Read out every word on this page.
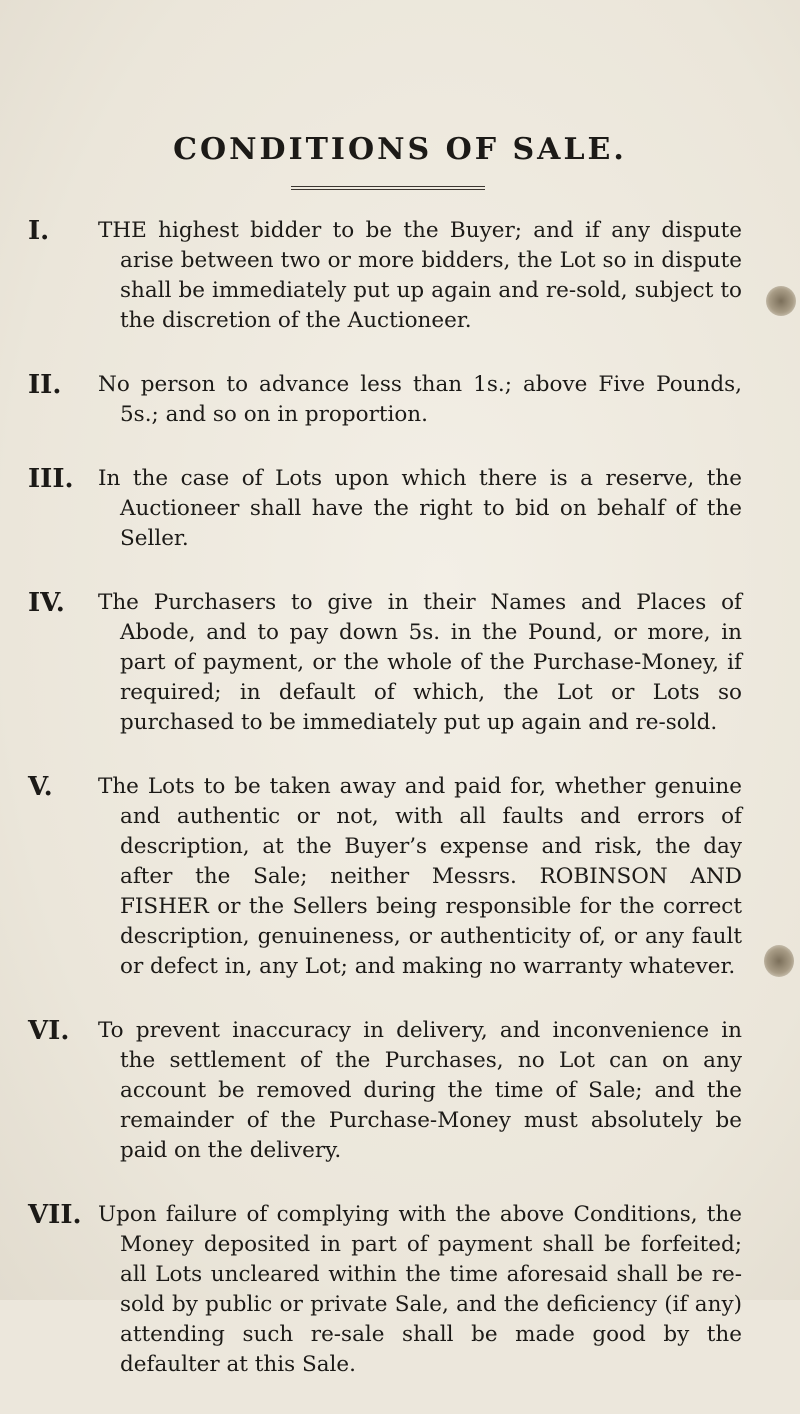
CONDITIONS OF SALE.
I.	THE highest bidder to be the Buyer; and if any dispute arise between two or more bidders, the Lot so in dispute shall be immediately put up again and re-sold, subject to the discretion of the Auctioneer.
II.	No person to advance less than 1s.; above Five Pounds, 5s.; and so on in proportion.
III.	In the case of Lots upon which there is a reserve, the Auctioneer shall have the right to bid on behalf of the Seller.
IV.	The Purchasers to give in their Names and Places of Abode, and to pay down 5s. in the Pound, or more, in part of payment, or the whole of the Purchase-Money, if required; in default of which, the Lot or Lots so purchased to be immediately put up again and re-sold.
V.	The Lots to be taken away and paid for, whether genuine and authentic or not, with all faults and errors of description, at the Buyer’s expense and risk, the day after the Sale; neither Messrs. ROBINSON AND FISHER or the Sellers being responsible for the correct description, genuineness, or authenticity of, or any fault or defect in, any Lot; and making no warranty whatever.
VI.	To prevent inaccuracy in delivery, and inconvenience in the settlement of the Purchases, no Lot can on any account be removed during the time of Sale; and the remainder of the Purchase-Money must absolutely be paid on the delivery.
VII. Upon failure of complying with the above Conditions, the Money deposited in part of payment shall be forfeited; all Lots uncleared within the time aforesaid shall be re-sold by public or private Sale, and the deficiency (if any) attending such re-sale shall be made good by the defaulter at this Sale.
